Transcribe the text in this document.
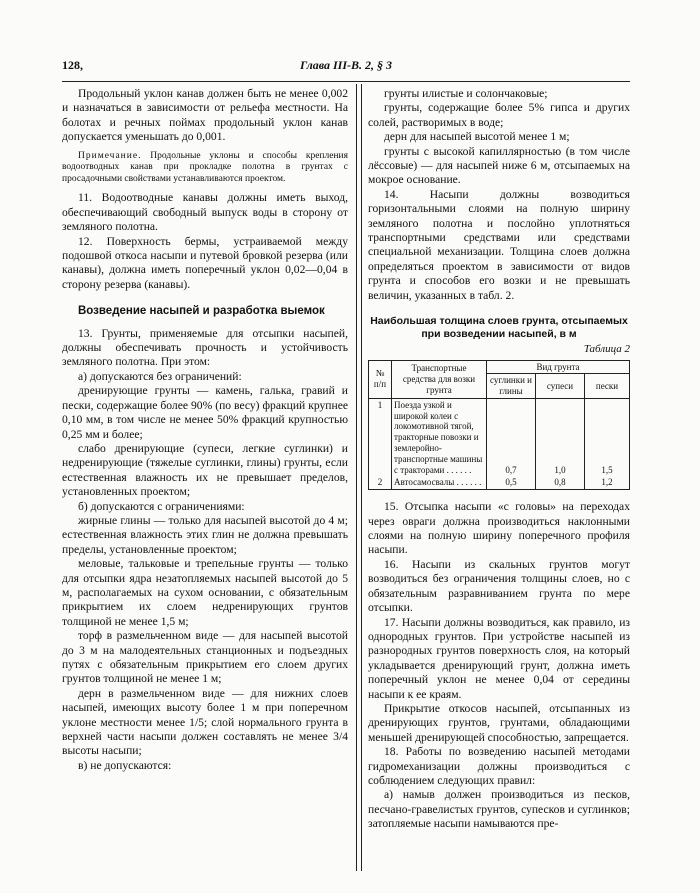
128,	Глава III-В. 2, § 3

Продольный уклон канав должен быть не менее 0,002 и назначаться в зависимости от рельефа местности. На болотах и речных поймах продольный уклон канав допускается уменьшать до 0,001.

Примечание. Продольные уклоны и способы крепления водоотводных канав при прокладке полотна в грунтах с просадочными свойствами устанавливаются проектом.

11. Водоотводные канавы должны иметь выход, обеспечивающий свободный выпуск воды в сторону от земляного полотна.

12. Поверхность бермы, устраиваемой между подошвой откоса насыпи и путевой бровкой резерва (или канавы), должна иметь поперечный уклон 0,02—0,04 в сторону резерва (канавы).

Возведение насыпей и разработка выемок

13. Грунты, применяемые для отсыпки насыпей, должны обеспечивать прочность и устойчивость земляного полотна. При этом:

а) допускаются без ограничений:

дренирующие грунты — камень, галька, гравий и пески, содержащие более 90% (по весу) фракций крупнее 0,10 мм, в том числе не менее 50% фракций крупностью 0,25 мм и более;

слабо дренирующие (супеси, легкие суглинки) и недренирующие (тяжелые суглинки, глины) грунты, если естественная влажность их не превышает пределов, установленных проектом;

б) допускаются с ограничениями:

жирные глины — только для насыпей высотой до 4 м; естественная влажность этих глин не должна превышать пределы, установленные проектом;

меловые, тальковые и трепельные грунты — только для отсыпки ядра незатопляемых насыпей высотой до 5 м, располагаемых на сухом основании, с обязательным прикрытием их слоем недренирующих грунтов толщиной не менее 1,5 м;

торф в размельченном виде — для насыпей высотой до 3 м на малодеятельных станционных и подъездных путях с обязательным прикрытием его слоем других грунтов толщиной не менее 1 м;

дерн в размельченном виде — для нижних слоев насыпей, имеющих высоту более 1 м при поперечном уклоне местности менее 1/5; слой нормального грунта в верхней части насыпи должен составлять не менее 3/4 высоты насыпи;

в) не допускаются:

грунты илистые и солончаковые;

грунты, содержащие более 5% гипса и других солей, растворимых в воде;

дерн для насыпей высотой менее 1 м;

грунты с высокой капиллярностью (в том числе лёссовые) — для насыпей ниже 6 м, отсыпаемых на мокрое основание.

14. Насыпи должны возводиться горизонтальными слоями на полную ширину земляного полотна и послойно уплотняться транспортными средствами или средствами специальной механизации. Толщина слоев должна определяться проектом в зависимости от видов грунта и способов его возки и не превышать величин, указанных в табл. 2.

Наибольшая толщина слоев грунта, отсыпаемых при возведении насыпей, в м

Таблица 2

№ п/п	Транспортные средства для возки грунта	Вид грунта		
		суглинки и глины	супеси	пески
1	Поезда узкой и широкой колеи с локомотивной тягой, тракторные повозки и землеройно-транспортные машины с тракторами . . . . . .	0,7	1,0	1,5
2	Автосамосвалы . . . . . .	0,5	0,8	1,2

15. Отсыпка насыпи «с головы» на переходах через овраги должна производиться наклонными слоями на полную ширину поперечного профиля насыпи.

16. Насыпи из скальных грунтов могут возводиться без ограничения толщины слоев, но с обязательным разравниванием грунта по мере отсыпки.

17. Насыпи должны возводиться, как правило, из однородных грунтов. При устройстве насыпей из разнородных грунтов поверхность слоя, на который укладывается дренирующий грунт, должна иметь поперечный уклон не менее 0,04 от середины насыпи к ее краям.

Прикрытие откосов насыпей, отсыпанных из дренирующих грунтов, грунтами, обладающими меньшей дренирующей способностью, запрещается.

18. Работы по возведению насыпей методами гидромеханизации должны производиться с соблюдением следующих правил:

а) намыв должен производиться из песков, песчано-гравелистых грунтов, супесков и суглинков; затопляемые насыпи намываются пре-
